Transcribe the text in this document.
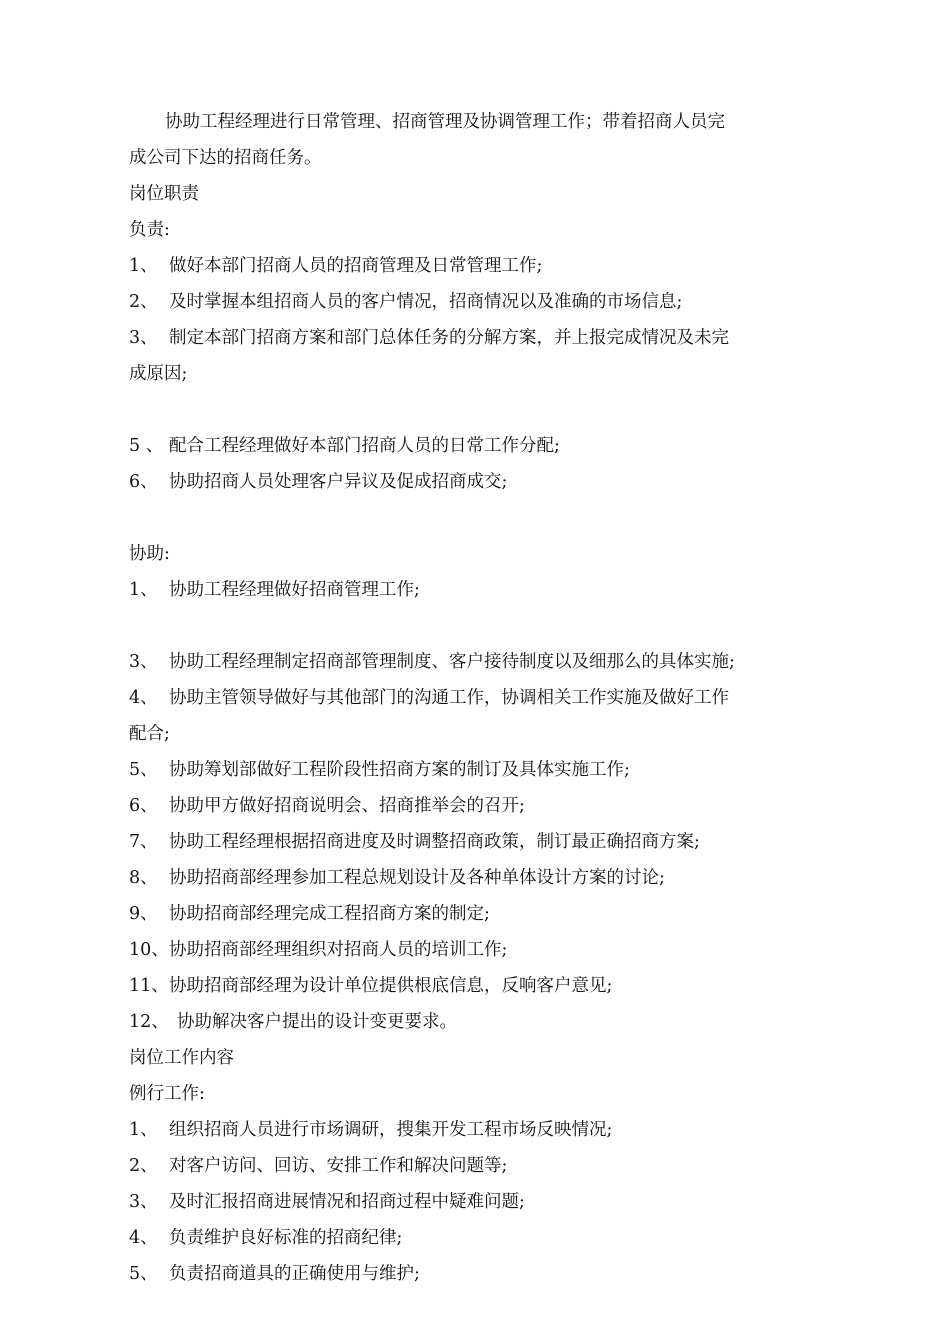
协助工程经理进行日常管理、招商管理及协调管理工作；带着招商人员完
成公司下达的招商任务。
岗位职责
负责:
1、 做好本部门招商人员的招商管理及日常管理工作;
2、 及时掌握本组招商人员的客户情况，招商情况以及准确的市场信息;
3、 制定本部门招商方案和部门总体任务的分解方案，并上报完成情况及未完
成原因;
5 、 配合工程经理做好本部门招商人员的日常工作分配;
6、 协助招商人员处理客户异议及促成招商成交;
协助:
1、 协助工程经理做好招商管理工作;
3、 协助工程经理制定招商部管理制度、客户接待制度以及细那么的具体实施;
4、 协助主管领导做好与其他部门的沟通工作，协调相关工作实施及做好工作
配合;
5、 协助筹划部做好工程阶段性招商方案的制订及具体实施工作;
6、 协助甲方做好招商说明会、招商推举会的召开;
7、 协助工程经理根据招商进度及时调整招商政策，制订最正确招商方案;
8、 协助招商部经理参加工程总规划设计及各种单体设计方案的讨论;
9、 协助招商部经理完成工程招商方案的制定;
10、协助招商部经理组织对招商人员的培训工作;
11、协助招商部经理为设计单位提供根底信息，反响客户意见;
12、 协助解决客户提出的设计变更要求。
岗位工作内容
例行工作:
1、 组织招商人员进行市场调研，搜集开发工程市场反映情况;
2、 对客户访问、回访、安排工作和解决问题等;
3、 及时汇报招商进展情况和招商过程中疑难问题;
4、 负责维护良好标准的招商纪律;
5、 负责招商道具的正确使用与维护;
